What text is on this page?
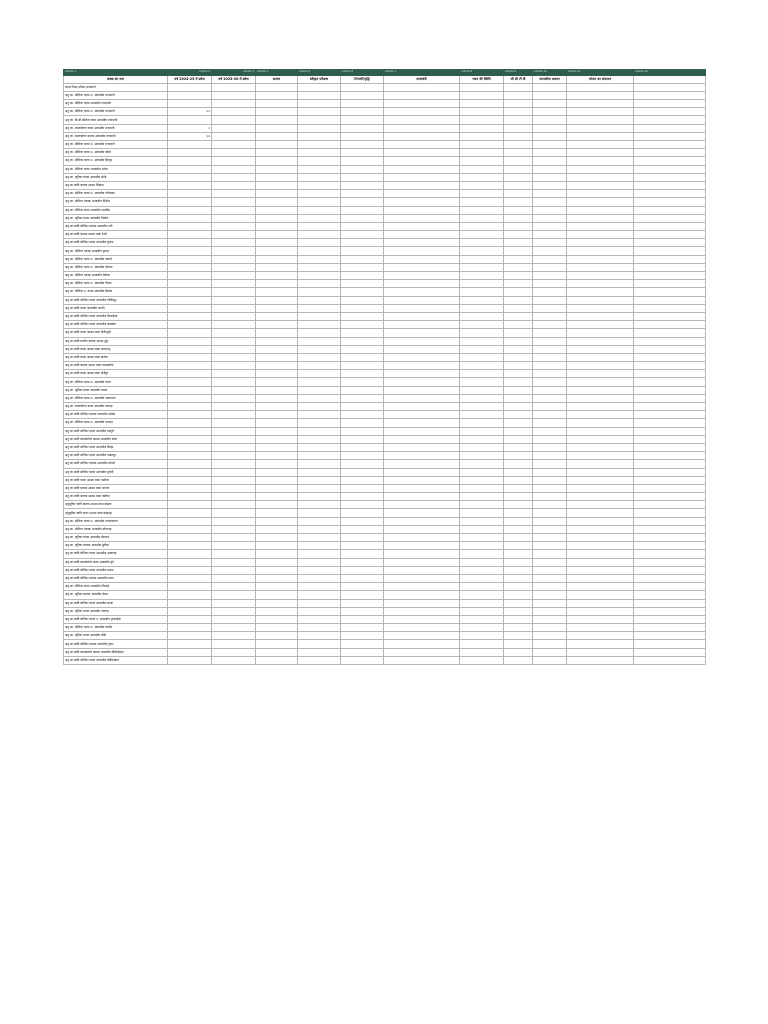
column 1	column 2	column 3	column 4	column 5	column 6	column 7	column 8	column 9	column 10	column 11	column 12
संस्था का नाम	वर्ष 2024-25 में प्रवेश	वर्ष 2025-26 में प्रवेश	प्रारम्भ	स्वीकृत परीक्षण	टिप्पणी/वृद्धि	तालाबंदी	भवन की स्थिति	सी सी टी वी	वाटरलीक अवसर	भोजन का संचालन	
कन्या शिक्षा परिसर राजधानी											
अनु.जा. सीनियर कन्या उ. आवासीय राजधानी											
अनु.जा. सीनियर कन्या आवासीय राजधानी											
अनु.जा. सीनियर कन्या उ. आवासीय राजधानी	11										
अनु.जा. बी.सी.कॉलेज कन्या आवासीय राजधानी											
अनु.जा. स्नातकोत्तर कन्या आवासीय राजधानी	1										
अनु.जा. स्नातकोत्तर बालक आवासीय राजधानी	14										
अनु.जा. सीनियर कन्या उ. आवासीय राजधानी											
अनु.जा. सीनियर कन्या उ. आवासीय कोर्बा											
अनु.जा. सीनियर कन्या उ. आवासीय सिरपुर											
अनु.जा. सीनियर कन्या आवासीय अमेरा											
अनु.जा. जूनियर कन्या आवासीय सोनी											
अनु.जा.जाति बालक आश्रम सिहावा											
अनु.जा. सीनियर कन्या उ. आवासीय गरियाबंद											
अनु.जा. सीनियर बालक आवासीय पिथौरा											
अनु.जा. सीनियर कन्या आवासीय धरसींवा											
अनु.जा. जूनियर कन्या आवासीय पिथौरा											
अनु.जा.जाति सीनियर बालक आवासीय नवी											
अनु.जा.जाति बालक आश्रम बाबा रेंदरी											
अनु.जा.जाति सीनियर कन्या आवासीय कुरूद											
अनु.जा. सीनियर बालक आवासीय कुरूद											
अनु.जा. सीनियर कन्या उ. आवासीय कवर्धा											
अनु.जा. सीनियर कन्या उ. आवासीय बेमेतरा											
अनु.जा. सीनियर बालक आवासीय बेमेतरा											
अनु.जा. सीनियर कन्या उ. आवासीय तिल्दा											
अनु.जा. सीनियर उ. कन्या आवासीय सिमगा											
अनु.जा.जाति सीनियर कन्या आवासीय गोविंदपुर											
अनु.जा.जाति कन्या आवासीय पलारी											
अनु.जा.जाति सीनियर कन्या आवासीय बिलाईगढ़											
अनु.जा.जाति सीनियर कन्या आवासीय कसडोल											
अनु.जा.जाति कन्या आश्रम बाबा गिरौदपुरी											
अनु.जा.जाति ग्रामीण बालक आश्रम टुंड्रा											
अनु.जा.जाति कन्या आश्रम बाबा अमरटापू											
अनु.जा.जाति कन्या आश्रम बाबा बालोद											
अनु.जा.जाति बालक आश्रम बाबा मालखरौदा											
अनु.जा.जाति कन्या आश्रम बाबा जैजैपुर											
अनु.जा. सीनियर कन्या उ. आवासीय डभरा											
अनु.जा. जूनियर कन्या आवासीय चाम्पा											
अनु.जा. सीनियर कन्या उ. आवासीय अकलतरा											
अनु.जा. स्नातकोत्तर कन्या आवासीय नवागढ़											
अनु.जा.जाति सीनियर बालक आवासीय बलौदा											
अनु.जा. सीनियर कन्या उ. आवासीय पामगढ़											
अनु.जा.जाति सीनियर कन्या आवासीय मस्तूरी											
अनु.जा.जाति स्नातकोत्तर बालक आवासीय कोटा											
अनु.जा.जाति सीनियर कन्या आवासीय बिल्हा											
अनु.जा.जाति सीनियर कन्या आवासीय तखतपुर											
अनु.जा.जाति सीनियर बालक आवासीय लोरमी											
अनु.जा.जाति सीनियर कन्या आवासीय मुंगेली											
अनु.जा.जाति कन्या आश्रम बाबा पथरिया											
अनु.जा.जाति बालक आश्रम बाबा सरगांव											
अनु.जा.जाति बालक आश्रम बाबा पंडरिया											
अनुसूचित जाति बालक आश्रम बाबा बोड़ला											
अनुसूचित जाति कन्या आश्रम बाबा सहसपुर											
अनु.जा. सीनियर कन्या उ. आवासीय राजनांदगांव											
अनु.जा. सीनियर बालक आवासीय डोंगरगढ़											
अनु.जा. जूनियर कन्या आवासीय खैरागढ़											
अनु.जा. जूनियर बालक आवासीय छुरिया											
अनु.जा.जाति सीनियर कन्या आवासीय अम्बागढ़											
अनु.जा.जाति स्नातकोत्तर कन्या आवासीय दुर्ग											
अनु.जा.जाति सीनियर कन्या आवासीय धमधा											
अनु.जा.जाति सीनियर बालक आवासीय पाटन											
अनु.जा. सीनियर कन्या आवासीय भिलाई											
अनु.जा. जूनियर बालक आवासीय बेरला											
अनु.जा.जाति सीनियर कन्या आवासीय साजा											
अनु.जा. जूनियर कन्या आवासीय नवागढ़											
अनु.जा.जाति सीनियर कन्या उ. आवासीय गुण्डरदेही											
अनु.जा. सीनियर कन्या उ. आवासीय बालोद											
अनु.जा. जूनियर कन्या आवासीय डौंडी											
अनु.जा.जाति सीनियर बालक आवासीय गुरूर											
अनु.जा.जाति स्नातकोत्तर बालक आवासीय डौंडीलोहारा											
अनु.जा.जाति सीनियर कन्या आवासीय डौंडीलोहारा											
